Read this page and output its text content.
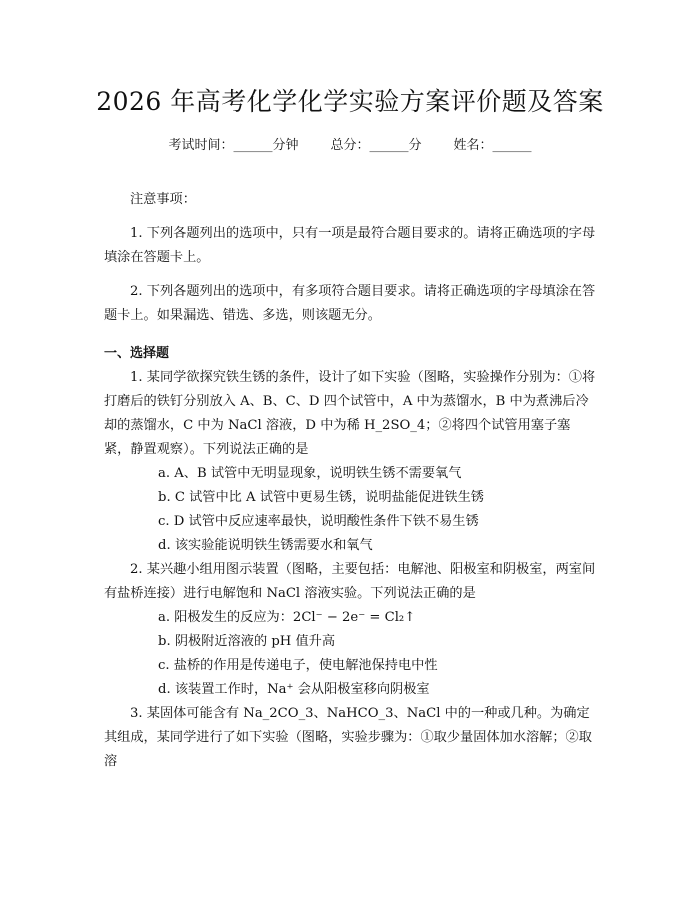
2026 年高考化学化学实验方案评价题及答案
考试时间：______分钟 总分：______分 姓名：______

注意事项：

1. 下列各题列出的选项中，只有一项是最符合题目要求的。请将正确选项的字母填涂在答题卡上。

2. 下列各题列出的选项中，有多项符合题目要求。请将正确选项的字母填涂在答题卡上。如果漏选、错选、多选，则该题无分。

一、选择题

1. 某同学欲探究铁生锈的条件，设计了如下实验（图略，实验操作分别为：①将打磨后的铁钉分别放入 A、B、C、D 四个试管中，A 中为蒸馏水，B 中为煮沸后冷却的蒸馏水，C 中为 NaCl 溶液，D 中为稀 H_2SO_4；②将四个试管用塞子塞紧，静置观察）。下列说法正确的是

a. A、B 试管中无明显现象，说明铁生锈不需要氧气

b. C 试管中比 A 试管中更易生锈，说明盐能促进铁生锈

c. D 试管中反应速率最快，说明酸性条件下铁不易生锈

d. 该实验能说明铁生锈需要水和氧气

2. 某兴趣小组用图示装置（图略，主要包括：电解池、阳极室和阴极室，两室间有盐桥连接）进行电解饱和 NaCl 溶液实验。下列说法正确的是

a. 阳极发生的反应为：2Cl⁻ − 2e⁻ = Cl₂↑

b. 阴极附近溶液的 pH 值升高

c. 盐桥的作用是传递电子，使电解池保持电中性

d. 该装置工作时，Na⁺ 会从阳极室移向阴极室

3. 某固体可能含有 Na_2CO_3、NaHCO_3、NaCl 中的一种或几种。为确定其组成，某同学进行了如下实验（图略，实验步骤为：①取少量固体加水溶解；②取溶
